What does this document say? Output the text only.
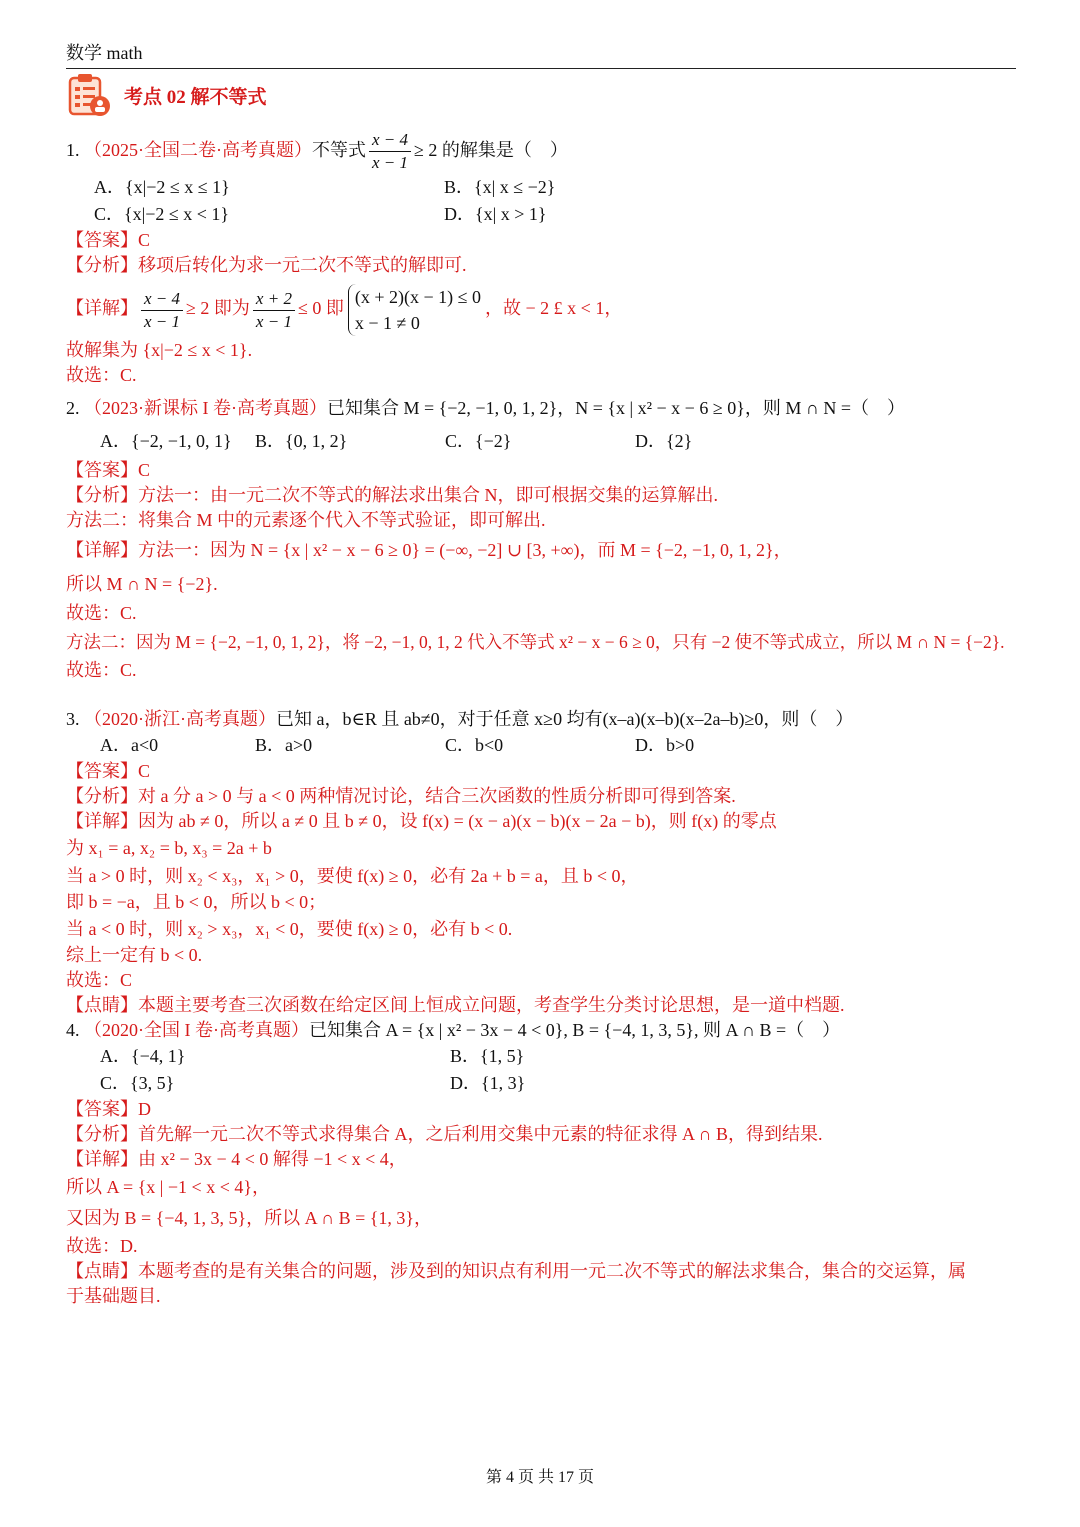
数学 math
考点 02 解不等式
1. （2025·全国二卷·高考真题）不等式 $\frac{x - 4}{x - 1} \ge 2$ 的解集是（　）
A．{x|−2 ≤ x ≤ 1}	B．{x| x ≤ −2}
C．{x|−2 ≤ x < 1}	D．{x| x > 1}
【答案】C
【分析】移项后转化为求一元二次不等式的解即可.
【详解】 $\frac{x - 4}{x - 1} \ge 2$ 即为 $\frac{x + 2}{x - 1} \le 0$ 即
(x + 2)(x − 1) ≤ 0
x − 1 ≠ 0
，故 − 2 £ x < 1，
故解集为 {x|−2 ≤ x < 1}.
故选：C.
2. （2023·新课标 I 卷·高考真题）已知集合 M = {−2, −1, 0, 1, 2}，N = {x | x² − x − 6 ≥ 0}，则 M ∩ N =（　）
A．{−2, −1, 0, 1}	B．{0, 1, 2}	C．{−2}	D．{2}
【答案】C
【分析】方法一：由一元二次不等式的解法求出集合 N，即可根据交集的运算解出.
方法二：将集合 M 中的元素逐个代入不等式验证，即可解出.
【详解】方法一：因为 N = {x | x² − x − 6 ≥ 0} = (−∞, −2] ∪ [3, +∞)，而 M = {−2, −1, 0, 1, 2}，
所以 M ∩ N = {−2}.
故选：C.
方法二：因为 M = {−2, −1, 0, 1, 2}，将 −2, −1, 0, 1, 2 代入不等式 x² − x − 6 ≥ 0，只有 −2 使不等式成立，所以 M ∩ N = {−2}.
故选：C.
3. （2020·浙江·高考真题）已知 a，b∈R 且 ab≠0，对于任意 x≥0 均有(x–a)(x–b)(x–2a–b)≥0，则（　）
A．a<0	B．a>0	C．b<0	D．b>0
【答案】C
【分析】对 a 分 a > 0 与 a < 0 两种情况讨论，结合三次函数的性质分析即可得到答案.
【详解】因为 ab ≠ 0，所以 a ≠ 0 且 b ≠ 0，设 f(x) = (x − a)(x − b)(x − 2a − b)，则 f(x) 的零点
为 x₁ = a, x₂ = b, x₃ = 2a + b
当 a > 0 时，则 x₂ < x₃，x₁ > 0，要使 f(x) ≥ 0，必有 2a + b = a，且 b < 0，
即 b = −a，且 b < 0，所以 b < 0；
当 a < 0 时，则 x₂ > x₃，x₁ < 0，要使 f(x) ≥ 0，必有 b < 0.
综上一定有 b < 0.
故选：C
【点睛】本题主要考查三次函数在给定区间上恒成立问题，考查学生分类讨论思想，是一道中档题.
4. （2020·全国 I 卷·高考真题）已知集合 A = {x | x² − 3x − 4 < 0}, B = {−4, 1, 3, 5}, 则 A ∩ B =（　）
A．{−4, 1}	B．{1, 5}
C．{3, 5}	D．{1, 3}
【答案】D
【分析】首先解一元二次不等式求得集合 A，之后利用交集中元素的特征求得 A ∩ B，得到结果.
【详解】由 x² − 3x − 4 < 0 解得 −1 < x < 4，
所以 A = {x | −1 < x < 4}，
又因为 B = {−4, 1, 3, 5}，所以 A ∩ B = {1, 3}，
故选：D.
【点睛】本题考查的是有关集合的问题，涉及到的知识点有利用一元二次不等式的解法求集合，集合的交运算，属
于基础题目.
第 4 页 共 17 页
